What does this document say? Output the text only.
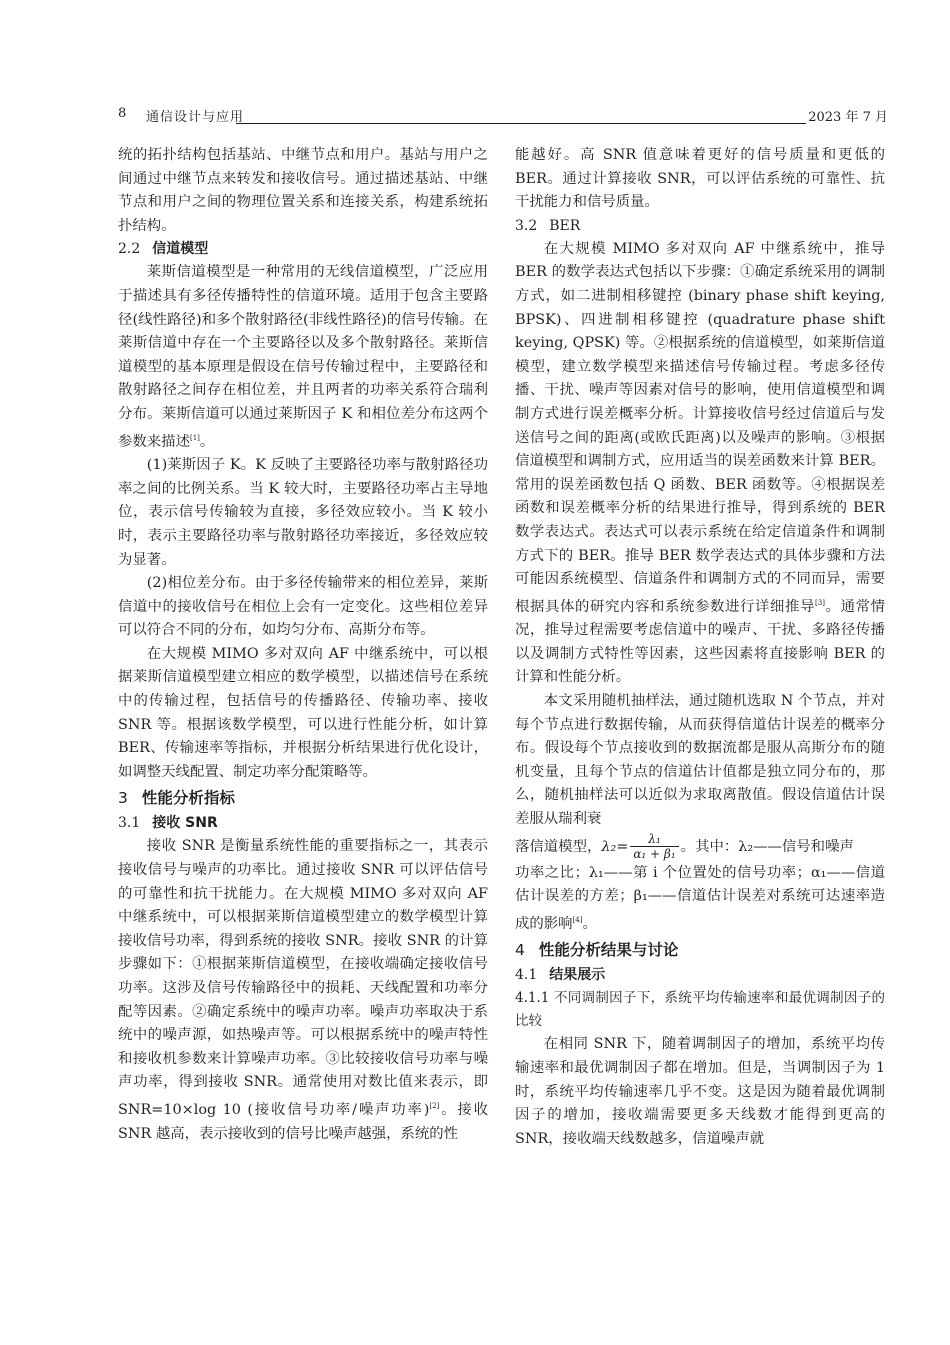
8 通信设计与应用	2023 年 7 月

统的拓扑结构包括基站、中继节点和用户。基站与用户之间通过中继节点来转发和接收信号。通过描述基站、中继节点和用户之间的物理位置关系和连接关系，构建系统拓扑结构。

2.2 信道模型

莱斯信道模型是一种常用的无线信道模型，广泛应用于描述具有多径传播特性的信道环境。适用于包含主要路径(线性路径)和多个散射路径(非线性路径)的信号传输。在莱斯信道中存在一个主要路径以及多个散射路径。莱斯信道模型的基本原理是假设在信号传输过程中，主要路径和散射路径之间存在相位差，并且两者的功率关系符合瑞利分布。莱斯信道可以通过莱斯因子 K 和相位差分布这两个参数来描述[1]。

(1)莱斯因子 K。K 反映了主要路径功率与散射路径功率之间的比例关系。当 K 较大时，主要路径功率占主导地位，表示信号传输较为直接，多径效应较小。当 K 较小时，表示主要路径功率与散射路径功率接近，多径效应较为显著。

(2)相位差分布。由于多径传输带来的相位差异，莱斯信道中的接收信号在相位上会有一定变化。这些相位差异可以符合不同的分布，如均匀分布、高斯分布等。

在大规模 MIMO 多对双向 AF 中继系统中，可以根据莱斯信道模型建立相应的数学模型，以描述信号在系统中的传输过程，包括信号的传播路径、传输功率、接收 SNR 等。根据该数学模型，可以进行性能分析，如计算 BER、传输速率等指标，并根据分析结果进行优化设计，如调整天线配置、制定功率分配策略等。

3 性能分析指标
3.1 接收 SNR

接收 SNR 是衡量系统性能的重要指标之一，其表示接收信号与噪声的功率比。通过接收 SNR 可以评估信号的可靠性和抗干扰能力。在大规模 MIMO 多对双向 AF 中继系统中，可以根据莱斯信道模型建立的数学模型计算接收信号功率，得到系统的接收 SNR。接收 SNR 的计算步骤如下：①根据莱斯信道模型，在接收端确定接收信号功率。这涉及信号传输路径中的损耗、天线配置和功率分配等因素。②确定系统中的噪声功率。噪声功率取决于系统中的噪声源，如热噪声等。可以根据系统中的噪声特性和接收机参数来计算噪声功率。③比较接收信号功率与噪声功率，得到接收 SNR。通常使用对数比值来表示，即 SNR=10×log 10 (接收信号功率/噪声功率)[2]。接收 SNR 越高，表示接收到的信号比噪声越强，系统的性

能越好。高 SNR 值意味着更好的信号质量和更低的 BER。通过计算接收 SNR，可以评估系统的可靠性、抗干扰能力和信号质量。

3.2 BER

在大规模 MIMO 多对双向 AF 中继系统中，推导 BER 的数学表达式包括以下步骤：①确定系统采用的调制方式，如二进制相移键控 (binary phase shift keying, BPSK)、四进制相移键控 (quadrature phase shift keying, QPSK) 等。②根据系统的信道模型，如莱斯信道模型，建立数学模型来描述信号传输过程。考虑多径传播、干扰、噪声等因素对信号的影响，使用信道模型和调制方式进行误差概率分析。计算接收信号经过信道后与发送信号之间的距离(或欧氏距离)以及噪声的影响。③根据信道模型和调制方式，应用适当的误差函数来计算 BER。常用的误差函数包括 Q 函数、BER 函数等。④根据误差函数和误差概率分析的结果进行推导，得到系统的 BER 数学表达式。表达式可以表示系统在给定信道条件和调制方式下的 BER。推导 BER 数学表达式的具体步骤和方法可能因系统模型、信道条件和调制方式的不同而异，需要根据具体的研究内容和系统参数进行详细推导[3]。通常情况，推导过程需要考虑信道中的噪声、干扰、多路径传播以及调制方式特性等因素，这些因素将直接影响 BER 的计算和性能分析。

本文采用随机抽样法，通过随机选取 N 个节点，并对每个节点进行数据传输，从而获得信道估计误差的概率分布。假设每个节点接收到的数据流都是服从高斯分布的随机变量，且每个节点的信道估计值都是独立同分布的，那么，随机抽样法可以近似为求取离散值。假设信道估计误差服从瑞利衰

落信道模型，$\lambda_2= \frac{\text{λ₁}}{\text{α₁ + β₁}}$ 。其中：λ₂——信号和噪声

功率之比；λ₁——第 i 个位置处的信号功率；α₁——信道估计误差的方差；β₁——信道估计误差对系统可达速率造成的影响[4]。

4 性能分析结果与讨论
4.1 结果展示
4.1.1 不同调制因子下，系统平均传输速率和最优调制因子的比较

在相同 SNR 下，随着调制因子的增加，系统平均传输速率和最优调制因子都在增加。但是，当调制因子为 1 时，系统平均传输速率几乎不变。这是因为随着最优调制因子的增加，接收端需要更多天线数才能得到更高的 SNR，接收端天线数越多，信道噪声就
